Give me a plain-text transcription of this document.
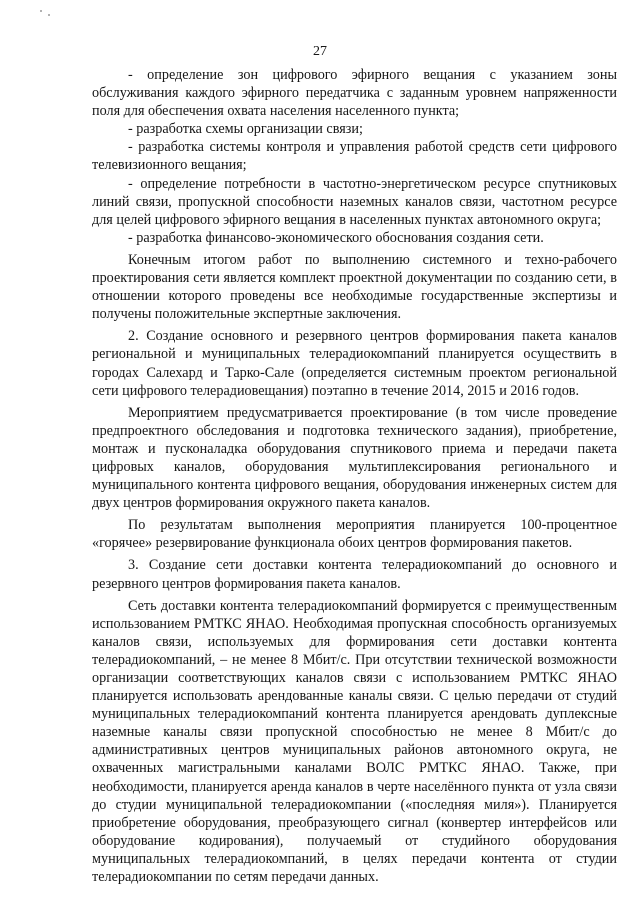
27

- определение зон цифрового эфирного вещания с указанием зоны обслуживания каждого эфирного передатчика с заданным уровнем напряженности поля для обеспечения охвата населения населенного пункта;

- разработка схемы организации связи;

- разработка системы контроля и управления работой средств сети цифрового телевизионного вещания;

- определение потребности в частотно-энергетическом ресурсе спутниковых линий связи, пропускной способности наземных каналов связи, частотном ресурсе для целей цифрового эфирного вещания в населенных пунктах автономного округа;

- разработка финансово-экономического обоснования создания сети.

Конечным итогом работ по выполнению системного и техно-рабочего проектирования сети является комплект проектной документации по созданию сети, в отношении которого проведены все необходимые государственные экспертизы и получены положительные экспертные заключения.

2. Создание основного и резервного центров формирования пакета каналов региональной и муниципальных телерадиокомпаний планируется осуществить в городах Салехард и Тарко-Сале (определяется системным проектом региональной сети цифрового телерадиовещания) поэтапно в течение 2014, 2015 и 2016 годов.

Мероприятием предусматривается проектирование (в том числе проведение предпроектного обследования и подготовка технического задания), приобретение, монтаж и пусконаладка оборудования спутникового приема и передачи пакета цифровых каналов, оборудования мультиплексирования регионального и муниципального контента цифрового вещания, оборудования инженерных систем для двух центров формирования окружного пакета каналов.

По результатам выполнения мероприятия планируется 100-процентное «горячее» резервирование функционала обоих центров формирования пакетов.

3. Создание сети доставки контента телерадиокомпаний до основного и резервного центров формирования пакета каналов.

Сеть доставки контента телерадиокомпаний формируется с преимущественным использованием РМТКС ЯНАО. Необходимая пропускная способность организуемых каналов связи, используемых для формирования сети доставки контента телерадиокомпаний, – не менее 8 Мбит/с. При отсутствии технической возможности организации соответствующих каналов связи с использованием РМТКС ЯНАО планируется использовать арендованные каналы связи. С целью передачи от студий муниципальных телерадиокомпаний контента планируется арендовать дуплексные наземные каналы связи пропускной способностью не менее 8 Мбит/с до административных центров муниципальных районов автономного округа, не охваченных магистральными каналами ВОЛС РМТКС ЯНАО. Также, при необходимости, планируется аренда каналов в черте населённого пункта от узла связи до студии муниципальной телерадиокомпании («последняя миля»). Планируется приобретение оборудования, преобразующего сигнал (конвертер интерфейсов или оборудование кодирования), получаемый от студийного оборудования муниципальных телерадиокомпаний, в целях передачи контента от студии телерадиокомпании по сетям передачи данных.
